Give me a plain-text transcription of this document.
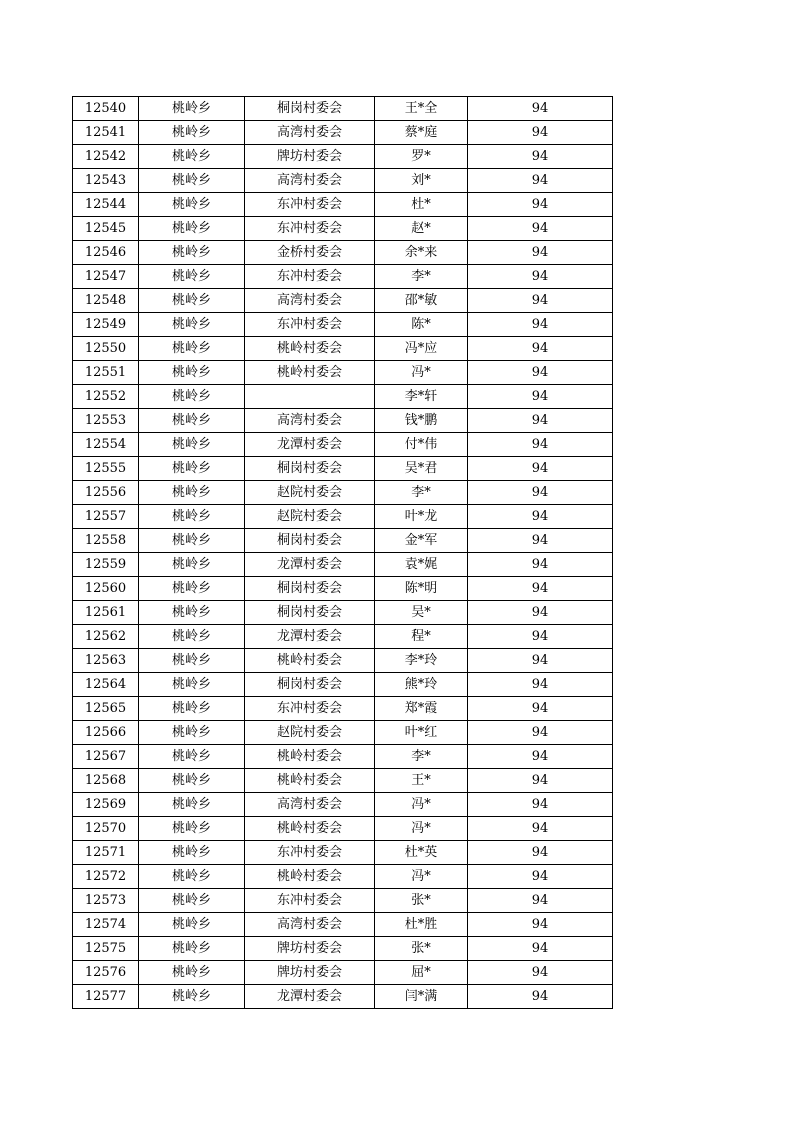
12540	桃岭乡	桐岗村委会	王*全	94
12541	桃岭乡	高湾村委会	蔡*庭	94
12542	桃岭乡	牌坊村委会	罗*	94
12543	桃岭乡	高湾村委会	刘*	94
12544	桃岭乡	东冲村委会	杜*	94
12545	桃岭乡	东冲村委会	赵*	94
12546	桃岭乡	金桥村委会	余*来	94
12547	桃岭乡	东冲村委会	李*	94
12548	桃岭乡	高湾村委会	邵*敏	94
12549	桃岭乡	东冲村委会	陈*	94
12550	桃岭乡	桃岭村委会	冯*应	94
12551	桃岭乡	桃岭村委会	冯*	94
12552	桃岭乡		李*轩	94
12553	桃岭乡	高湾村委会	钱*鹏	94
12554	桃岭乡	龙潭村委会	付*伟	94
12555	桃岭乡	桐岗村委会	吴*君	94
12556	桃岭乡	赵院村委会	李*	94
12557	桃岭乡	赵院村委会	叶*龙	94
12558	桃岭乡	桐岗村委会	金*军	94
12559	桃岭乡	龙潭村委会	袁*娓	94
12560	桃岭乡	桐岗村委会	陈*明	94
12561	桃岭乡	桐岗村委会	吴*	94
12562	桃岭乡	龙潭村委会	程*	94
12563	桃岭乡	桃岭村委会	李*玲	94
12564	桃岭乡	桐岗村委会	熊*玲	94
12565	桃岭乡	东冲村委会	郑*霞	94
12566	桃岭乡	赵院村委会	叶*红	94
12567	桃岭乡	桃岭村委会	李*	94
12568	桃岭乡	桃岭村委会	王*	94
12569	桃岭乡	高湾村委会	冯*	94
12570	桃岭乡	桃岭村委会	冯*	94
12571	桃岭乡	东冲村委会	杜*英	94
12572	桃岭乡	桃岭村委会	冯*	94
12573	桃岭乡	东冲村委会	张*	94
12574	桃岭乡	高湾村委会	杜*胜	94
12575	桃岭乡	牌坊村委会	张*	94
12576	桃岭乡	牌坊村委会	屈*	94
12577	桃岭乡	龙潭村委会	闫*满	94
